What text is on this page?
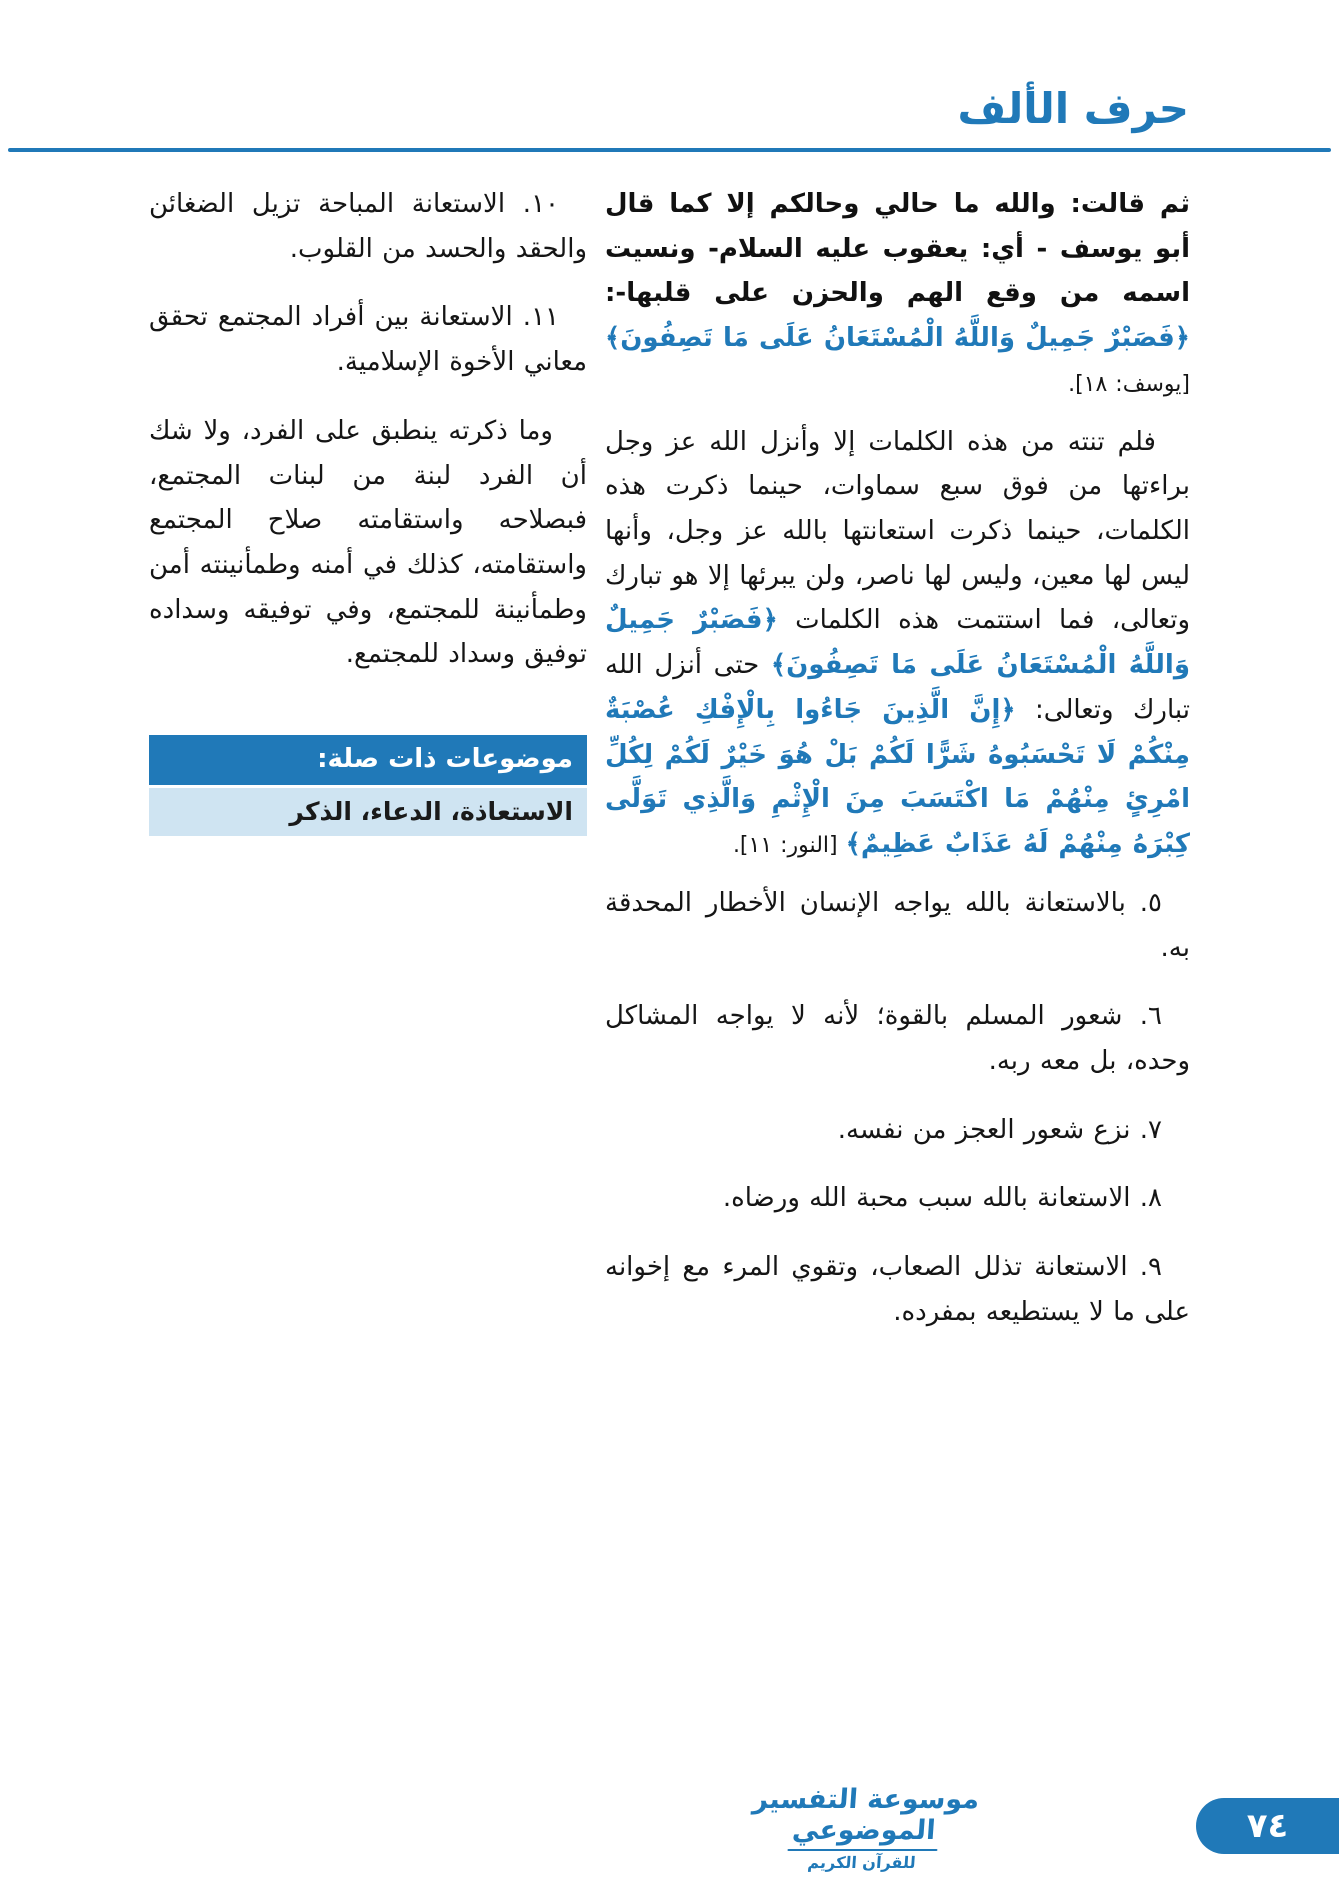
حرف الألف

ثم قالت: والله ما حالي وحالكم إلا كما قال أبو يوسف - أي: يعقوب عليه السلام- ونسيت اسمه من وقع الهم والحزن على قلبها-: ﴿فَصَبْرٌ جَمِيلٌ وَاللَّهُ الْمُسْتَعَانُ عَلَى مَا تَصِفُونَ﴾ [يوسف: ١٨].

فلم تنته من هذه الكلمات إلا وأنزل الله عز وجل براءتها من فوق سبع سماوات، حينما ذكرت هذه الكلمات، حينما ذكرت استعانتها بالله عز وجل، وأنها ليس لها معين، وليس لها ناصر، ولن يبرئها إلا هو تبارك وتعالى، فما استتمت هذه الكلمات ﴿فَصَبْرٌ جَمِيلٌ وَاللَّهُ الْمُسْتَعَانُ عَلَى مَا تَصِفُونَ﴾ حتى أنزل الله تبارك وتعالى: ﴿إِنَّ الَّذِينَ جَاءُوا بِالْإِفْكِ عُصْبَةٌ مِنْكُمْ لَا تَحْسَبُوهُ شَرًّا لَكُمْ بَلْ هُوَ خَيْرٌ لَكُمْ لِكُلِّ امْرِئٍ مِنْهُمْ مَا اكْتَسَبَ مِنَ الْإِثْمِ وَالَّذِي تَوَلَّى كِبْرَهُ مِنْهُمْ لَهُ عَذَابٌ عَظِيمٌ﴾ [النور: ١١].

٥. بالاستعانة بالله يواجه الإنسان الأخطار المحدقة به.

٦. شعور المسلم بالقوة؛ لأنه لا يواجه المشاكل وحده، بل معه ربه.

٧. نزع شعور العجز من نفسه.

٨. الاستعانة بالله سبب محبة الله ورضاه.

٩. الاستعانة تذلل الصعاب، وتقوي المرء مع إخوانه على ما لا يستطيعه بمفرده.

١٠. الاستعانة المباحة تزيل الضغائن والحقد والحسد من القلوب.

١١. الاستعانة بين أفراد المجتمع تحقق معاني الأخوة الإسلامية.

وما ذكرته ينطبق على الفرد، ولا شك أن الفرد لبنة من لبنات المجتمع، فبصلاحه واستقامته صلاح المجتمع واستقامته، كذلك في أمنه وطمأنينته أمن وطمأنينة للمجتمع، وفي توفيقه وسداده توفيق وسداد للمجتمع.

موضوعات ذات صلة:
الاستعاذة، الدعاء، الذكر
موسوعة التفسير الموضوعي
للقرآن الكريم
٧٤
